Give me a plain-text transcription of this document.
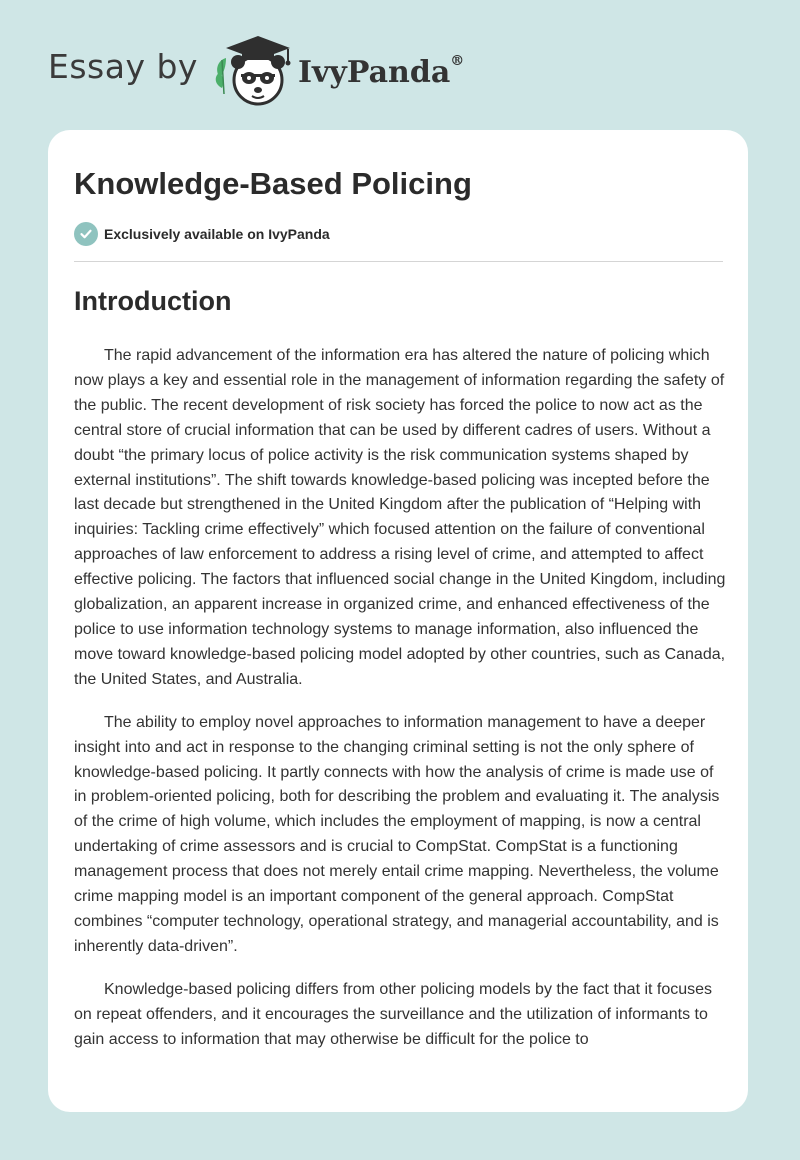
Essay by	IvyPanda®
Knowledge-Based Policing
Exclusively available on IvyPanda
Introduction

The rapid advancement of the information era has altered the nature of policing which now plays a key and essential role in the management of information regarding the safety of the public. The recent development of risk society has forced the police to now act as the central store of crucial information that can be used by different cadres of users. Without a doubt “the primary locus of police activity is the risk communication systems shaped by external institutions”. The shift towards knowledge-based policing was incepted before the last decade but strengthened in the United Kingdom after the publication of “Helping with inquiries: Tackling crime effectively” which focused attention on the failure of conventional approaches of law enforcement to address a rising level of crime, and attempted to affect effective policing. The factors that influenced social change in the United Kingdom, including globalization, an apparent increase in organized crime, and enhanced effectiveness of the police to use information technology systems to manage information, also influenced the move toward knowledge-based policing model adopted by other countries, such as Canada, the United States, and Australia.

The ability to employ novel approaches to information management to have a deeper insight into and act in response to the changing criminal setting is not the only sphere of knowledge-based policing. It partly connects with how the analysis of crime is made use of in problem-oriented policing, both for describing the problem and evaluating it. The analysis of the crime of high volume, which includes the employment of mapping, is now a central undertaking of crime assessors and is crucial to CompStat. CompStat is a functioning management process that does not merely entail crime mapping. Nevertheless, the volume crime mapping model is an important component of the general approach. CompStat combines “computer technology, operational strategy, and managerial accountability, and is inherently data-driven”.

Knowledge-based policing differs from other policing models by the fact that it focuses on repeat offenders, and it encourages the surveillance and the utilization of informants to gain access to information that may otherwise be difficult for the police to
